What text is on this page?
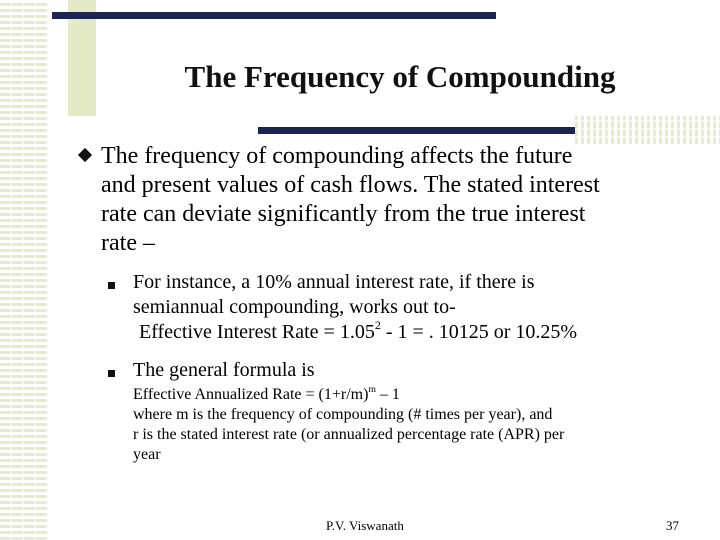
The Frequency of Compounding
The frequency of compounding affects the future
and present values of cash flows. The stated interest
rate can deviate significantly from the true interest
rate –
For instance, a 10% annual interest rate, if there is
semiannual compounding, works out to-
Effective Interest Rate = $1.05^2 - 1$ = . 10125 or 10.25%
The general formula is
Effective Annualized Rate = $(1+r/m)^m - 1$
where m is the frequency of compounding (# times per year), and
r is the stated interest rate (or annualized percentage rate (APR) per
year
P.V. Viswanath	37
